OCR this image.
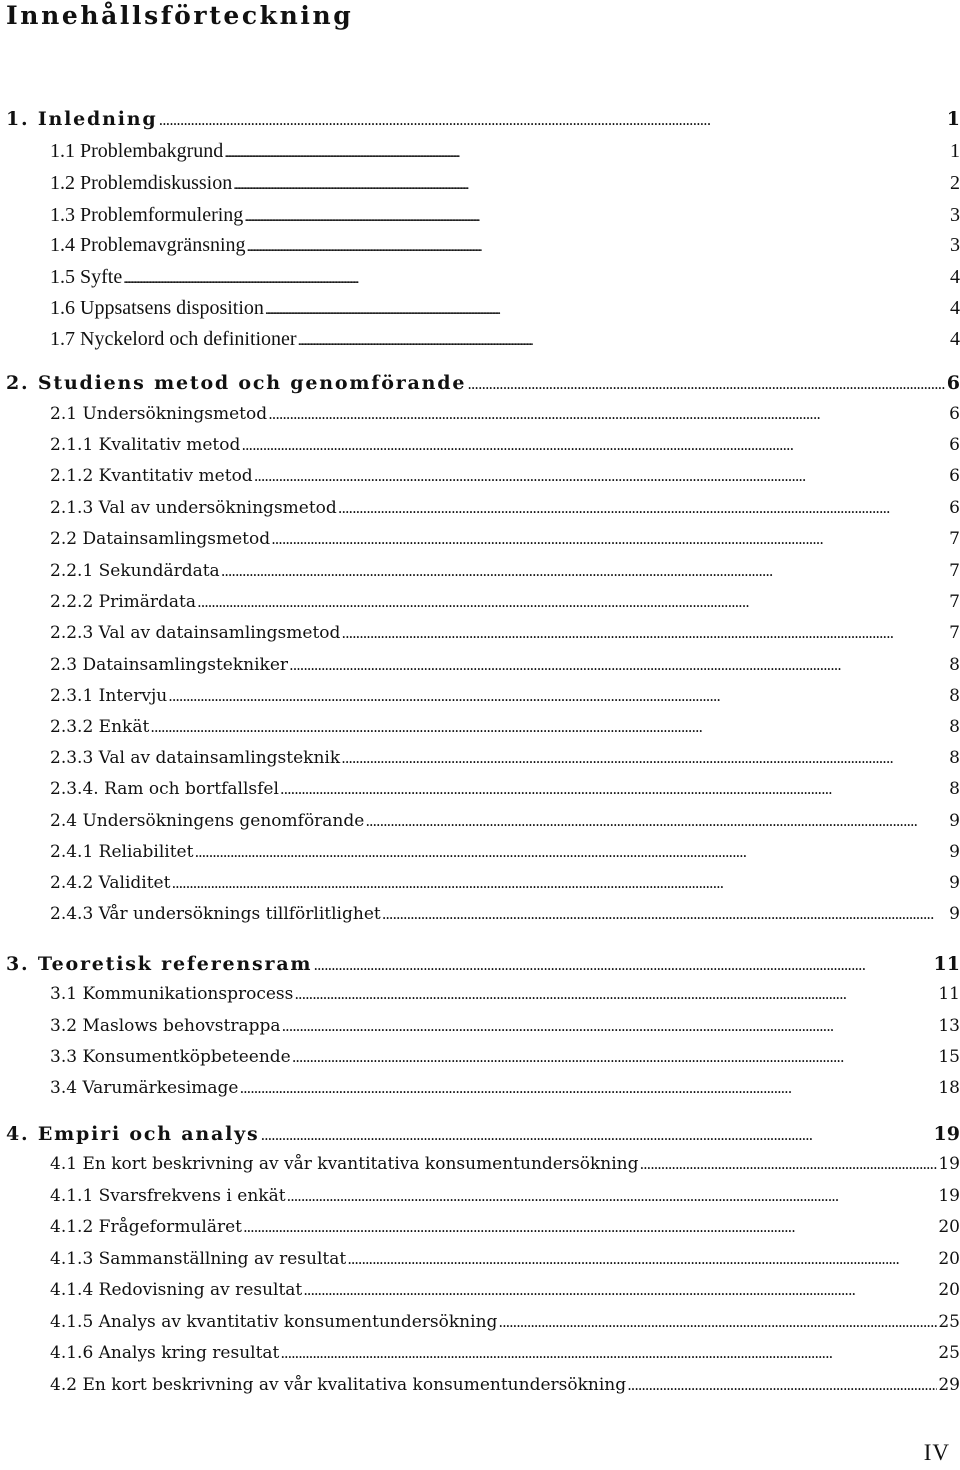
Innehållsförteckning
1. Inledning . . .	1
1.1 Problembakgrund . . .	1
1.2 Problemdiskussion . . .	2
1.3 Problemformulering . . .	3
1.4 Problemavgränsning . . .	3
1.5 Syfte . . .	4
1.6 Uppsatsens disposition . . .	4
1.7 Nyckelord och definitioner . . .	4
2. Studiens metod och genomförande . . .	6
2.1 Undersökningsmetod . . .	6
2.1.1 Kvalitativ metod . . .	6
2.1.2 Kvantitativ metod . . .	6
2.1.3 Val av undersökningsmetod . . .	6
2.2 Datainsamlingsmetod . . .	7
2.2.1 Sekundärdata . . .	7
2.2.2 Primärdata . . .	7
2.2.3 Val av datainsamlingsmetod . . .	7
2.3 Datainsamlingstekniker . . .	8
2.3.1 Intervju . . .	8
2.3.2 Enkät . . .	8
2.3.3 Val av datainsamlingsteknik . . .	8
2.3.4. Ram och bortfallsfel . . .	8
2.4 Undersökningens genomförande . . .	9
2.4.1 Reliabilitet . . .	9
2.4.2 Validitet . . .	9
2.4.3 Vår undersöknings tillförlitlighet . . .	9
3. Teoretisk referensram . . .	11
3.1 Kommunikationsprocess . . .	11
3.2 Maslows behovstrappa . . .	13
3.3 Konsumentköpbeteende . . .	15
3.4 Varumärkesimage . . .	18
4. Empiri och analys . . .	19
4.1 En kort beskrivning av vår kvantitativa konsumentundersökning . . .	19
4.1.1 Svarsfrekvens i enkät . . .	19
4.1.2 Frågeformuläret . . .	20
4.1.3 Sammanställning av resultat . . .	20
4.1.4 Redovisning av resultat . . .	20
4.1.5 Analys av kvantitativ konsumentundersökning . . .	25
4.1.6 Analys kring resultat . . .	25
4.2 En kort beskrivning av vår kvalitativa konsumentundersökning . . .	29
IV
